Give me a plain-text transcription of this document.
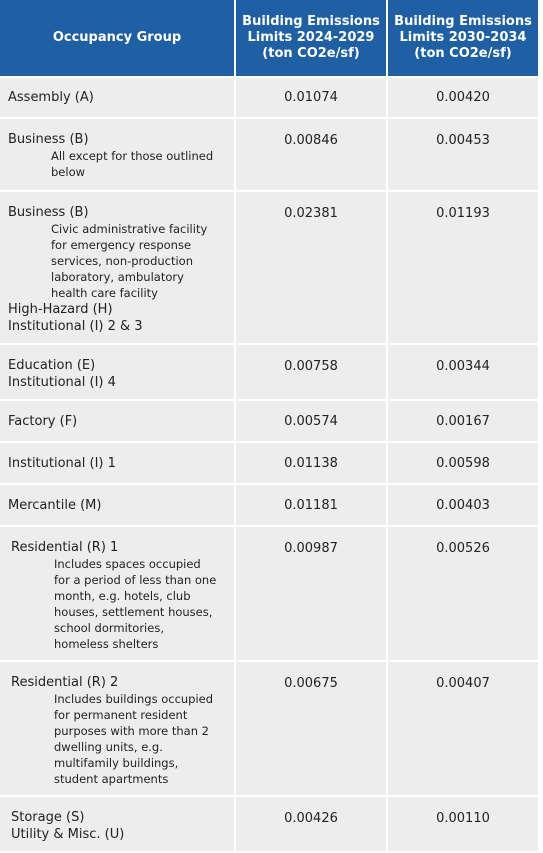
Occupancy Group	Building Emissions
Limits 2024-2029
(ton CO2e/sf)	Building Emissions
Limits 2030-2034
(ton CO2e/sf)

Assembly (A)	0.01074	0.00420

Business (B)
All except for those outlined below	0.00846	0.00453

Business (B)
Civic administrative facility for emergency response services, non-production laboratory, ambulatory health care facility
High-Hazard (H)
Institutional (I) 2 & 3	0.02381	0.01193

Education (E)
Institutional (I) 4	0.00758	0.00344
Factory (F)	0.00574	0.00167
Institutional (I) 1	0.01138	0.00598
Mercantile (M)	0.01181	0.00403

Residential (R) 1
Includes spaces occupied for a period of less than one month, e.g. hotels, club houses, settlement houses, school dormitories, homeless shelters	0.00987	0.00526

Residential (R) 2
Includes buildings occupied for permanent resident purposes with more than 2 dwelling units, e.g. multifamily buildings, student apartments	0.00675	0.00407

Storage (S)
Utility & Misc. (U)	0.00426	0.00110
